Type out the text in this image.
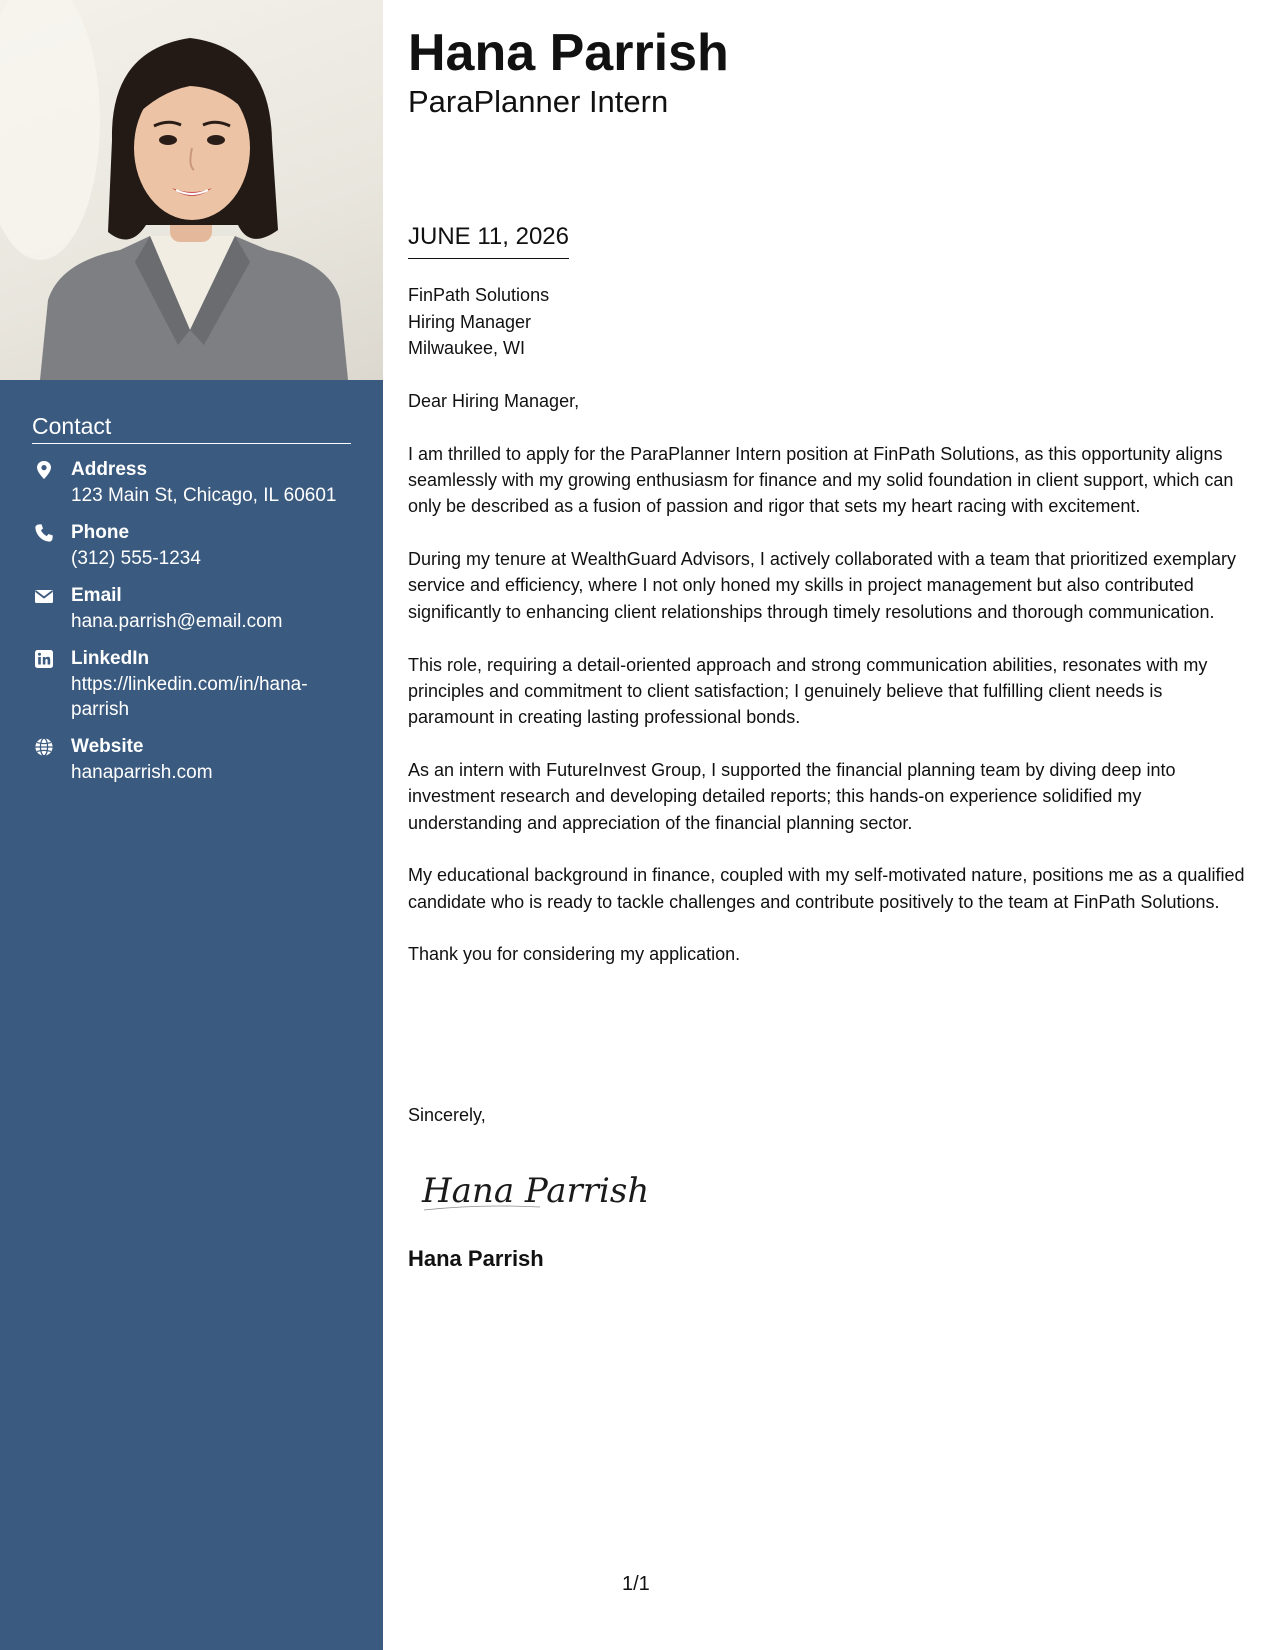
Contact
Address
123 Main St, Chicago, IL 60601
Phone
(312) 555-1234
Email
hana.parrish@email.com
LinkedIn
https://linkedin.com/in/hana-parrish
Website
hanaparrish.com
Hana Parrish
ParaPlanner Intern
JUNE 11, 2026
FinPath Solutions
Hiring Manager
Milwaukee, WI

Dear Hiring Manager,

I am thrilled to apply for the ParaPlanner Intern position at FinPath Solutions, as this opportunity aligns seamlessly with my growing enthusiasm for finance and my solid foundation in client support, which can only be described as a fusion of passion and rigor that sets my heart racing with excitement.

During my tenure at WealthGuard Advisors, I actively collaborated with a team that prioritized exemplary service and efficiency, where I not only honed my skills in project management but also contributed significantly to enhancing client relationships through timely resolutions and thorough communication.

This role, requiring a detail-oriented approach and strong communication abilities, resonates with my principles and commitment to client satisfaction; I genuinely believe that fulfilling client needs is paramount in creating lasting professional bonds.

As an intern with FutureInvest Group, I supported the financial planning team by diving deep into investment research and developing detailed reports; this hands-on experience solidified my understanding and appreciation of the financial planning sector.

My educational background in finance, coupled with my self-motivated nature, positions me as a qualified candidate who is ready to tackle challenges and contribute positively to the team at FinPath Solutions.

Thank you for considering my application.

Sincerely,
Hana Parrish
Hana Parrish
1/1
